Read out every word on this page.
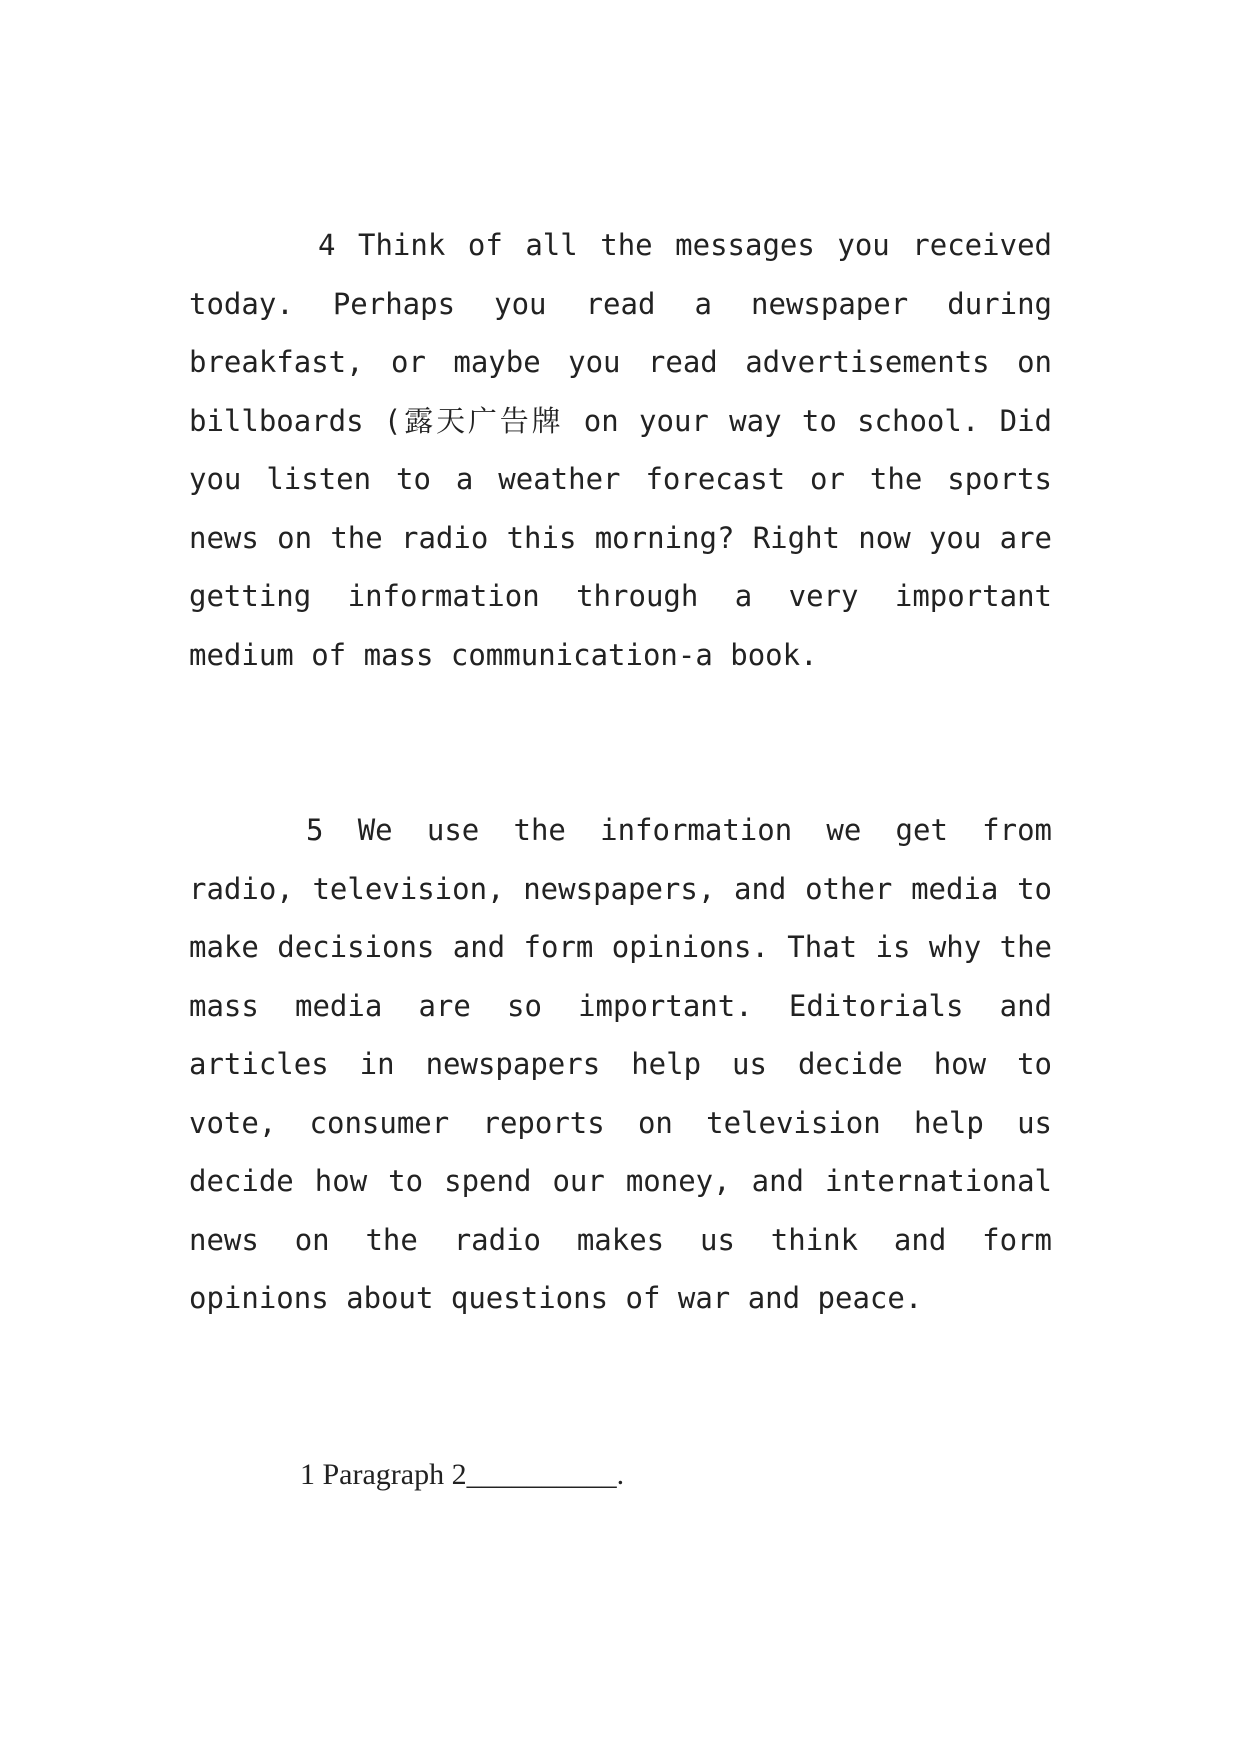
4 Think of all the messages you received today. Perhaps you read a newspaper during breakfast, or maybe you read advertisements on billboards (露天广告牌 on your way to school. Did you listen to a weather forecast or the sports news on the radio this morning? Right now you are getting information through a very important medium of mass communication-a book.

5 We use the information we get from radio, television, newspapers, and other media to make decisions and form opinions. That is why the mass media are so important. Editorials and articles in newspapers help us decide how to vote, consumer reports on television help us decide how to spend our money, and international news on the radio makes us think and form opinions about questions of war and peace.

1 Paragraph 2__________.
